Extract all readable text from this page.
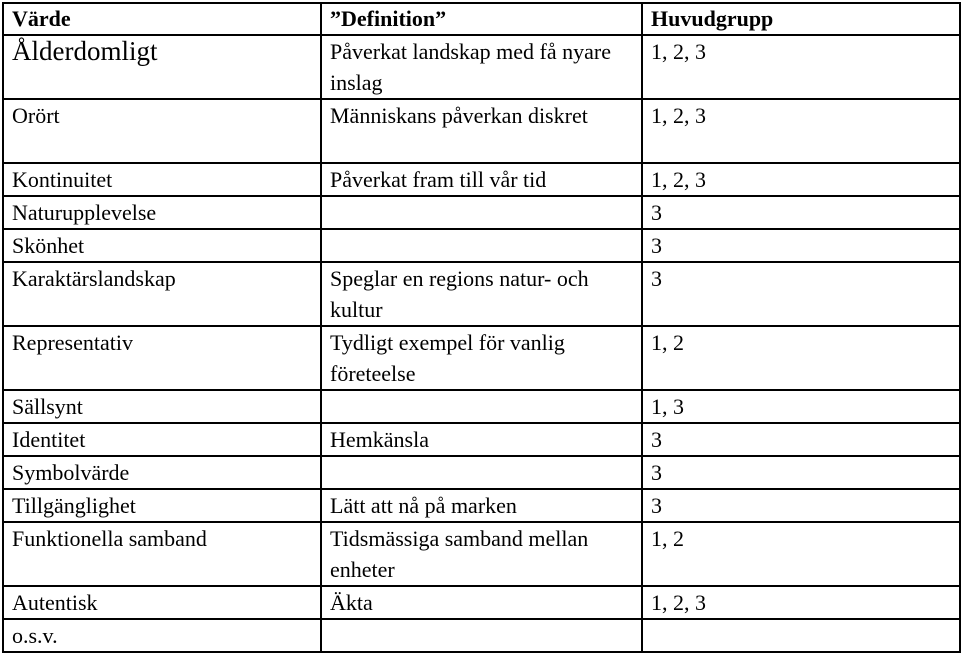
Värde	”Definition”	Huvudgrupp
Ålderdomligt	Påverkat landskap med få nyare inslag	1, 2, 3
Orört	Människans påverkan diskret	1, 2, 3
Kontinuitet	Påverkat fram till vår tid	1, 2, 3
Naturupplevelse		3
Skönhet		3
Karaktärslandskap	Speglar en regions natur- och kultur	3
Representativ	Tydligt exempel för vanlig företeelse	1, 2
Sällsynt		1, 3
Identitet	Hemkänsla	3
Symbolvärde		3
Tillgänglighet	Lätt att nå på marken	3
Funktionella samband	Tidsmässiga samband mellan enheter	1, 2
Autentisk	Äkta	1, 2, 3
o.s.v.		
